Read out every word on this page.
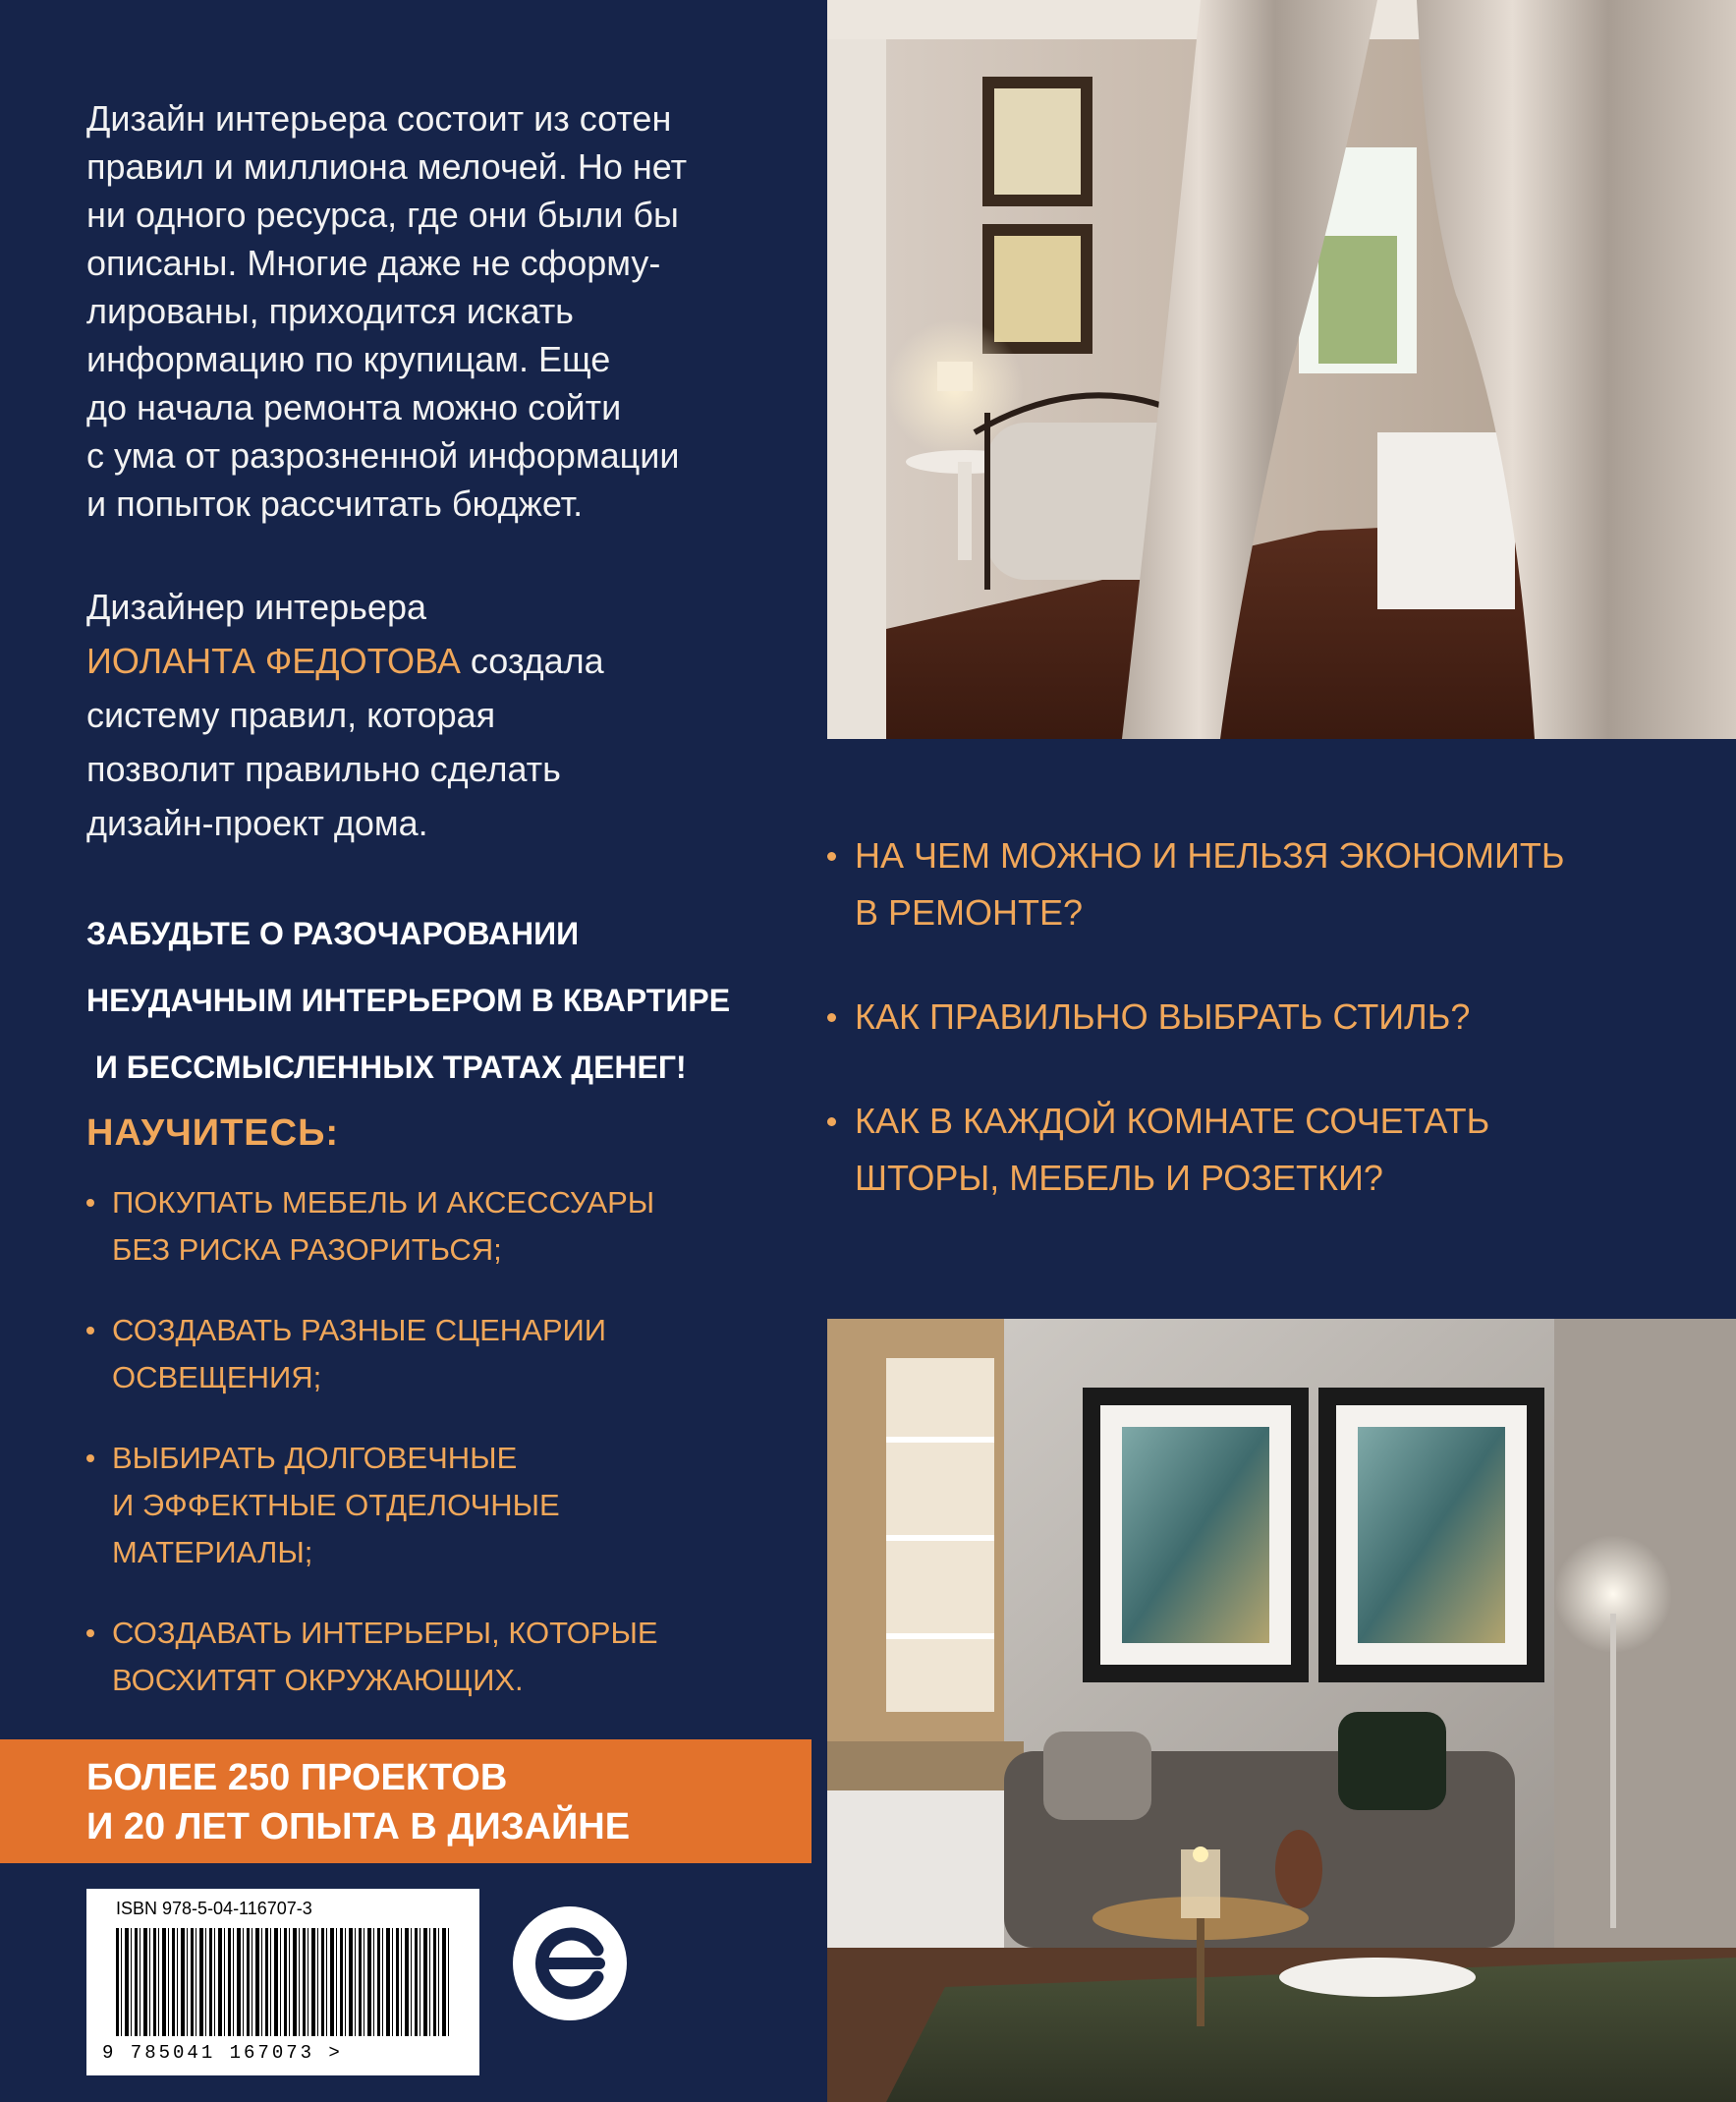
Дизайн интерьера состоит из сотен
правил и миллиона мелочей. Но нет
ни одного ресурса, где они были бы
описаны. Многие даже не сформу-
лированы, приходится искать
информацию по крупицам. Еще
до начала ремонта можно сойти
с ума от разрозненной информации
и попыток рассчитать бюджет.

Дизайнер интерьера
ИОЛАНТА ФЕДОТОВА создала
систему правил, которая
позволит правильно сделать
дизайн-проект дома.

ЗАБУДЬТЕ О РАЗОЧАРОВАНИИ
НЕУДАЧНЫМ ИНТЕРЬЕРОМ В КВАРТИРЕ
И БЕССМЫСЛЕННЫХ ТРАТАХ ДЕНЕГ!

НАУЧИТЕСЬ:
ПОКУПАТЬ МЕБЕЛЬ И АКСЕССУАРЫ
БЕЗ РИСКА РАЗОРИТЬСЯ;
СОЗДАВАТЬ РАЗНЫЕ СЦЕНАРИИ
ОСВЕЩЕНИЯ;
ВЫБИРАТЬ ДОЛГОВЕЧНЫЕ
И ЭФФЕКТНЫЕ ОТДЕЛОЧНЫЕ
МАТЕРИАЛЫ;
СОЗДАВАТЬ ИНТЕРЬЕРЫ, КОТОРЫЕ
ВОСХИТЯТ ОКРУЖАЮЩИХ.

БОЛЕЕ 250 ПРОЕКТОВ
И 20 ЛЕТ ОПЫТА В ДИЗАЙНЕ

ISBN 978-5-04-116707-3
9 785041 167073 >
НА ЧЕМ МОЖНО И НЕЛЬЗЯ ЭКОНОМИТЬ
В РЕМОНТЕ?
КАК ПРАВИЛЬНО ВЫБРАТЬ СТИЛЬ?
КАК В КАЖДОЙ КОМНАТЕ СОЧЕТАТЬ
ШТОРЫ, МЕБЕЛЬ И РОЗЕТКИ?
